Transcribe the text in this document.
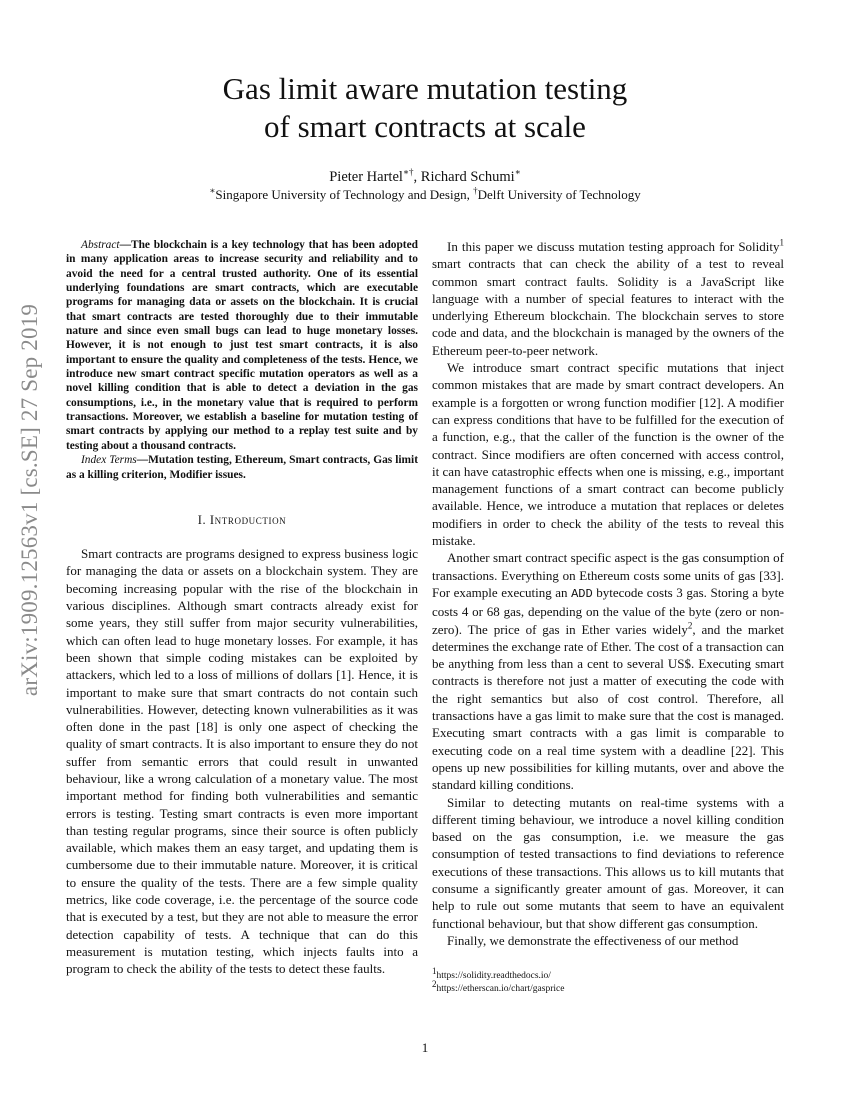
arXiv:1909.12563v1 [cs.SE] 27 Sep 2019
Gas limit aware mutation testing
of smart contracts at scale
Pieter Hartel∗†, Richard Schumi∗
∗Singapore University of Technology and Design, †Delft University of Technology

Abstract—The blockchain is a key technology that has been adopted in many application areas to increase security and reliability and to avoid the need for a central trusted authority. One of its essential underlying foundations are smart contracts, which are executable programs for managing data or assets on the blockchain. It is crucial that smart contracts are tested thoroughly due to their immutable nature and since even small bugs can lead to huge monetary losses. However, it is not enough to just test smart contracts, it is also important to ensure the quality and completeness of the tests. Hence, we introduce new smart contract specific mutation operators as well as a novel killing condition that is able to detect a deviation in the gas consumptions, i.e., in the monetary value that is required to perform transactions. Moreover, we establish a baseline for mutation testing of smart contracts by applying our method to a replay test suite and by testing about a thousand contracts.

Index Terms—Mutation testing, Ethereum, Smart contracts, Gas limit as a killing criterion, Modifier issues.

I. Introduction

Smart contracts are programs designed to express business logic for managing the data or assets on a blockchain system. They are becoming increasing popular with the rise of the blockchain in various disciplines. Although smart contracts already exist for some years, they still suffer from major security vulnerabilities, which can often lead to huge monetary losses. For example, it has been shown that simple coding mistakes can be exploited by attackers, which led to a loss of millions of dollars [1]. Hence, it is important to make sure that smart contracts do not contain such vulnerabilities. However, detecting known vulnerabilities as it was often done in the past [18] is only one aspect of checking the quality of smart contracts. It is also important to ensure they do not suffer from semantic errors that could result in unwanted behaviour, like a wrong calculation of a monetary value. The most important method for finding both vulnerabilities and semantic errors is testing. Testing smart contracts is even more important than testing regular programs, since their source is often publicly available, which makes them an easy target, and updating them is cumbersome due to their immutable nature. Moreover, it is critical to ensure the quality of the tests. There are a few simple quality metrics, like code coverage, i.e. the percentage of the source code that is executed by a test, but they are not able to measure the error detection capability of tests. A technique that can do this measurement is mutation testing, which injects faults into a program to check the ability of the tests to detect these faults.

In this paper we discuss mutation testing approach for Solidity$^1$ smart contracts that can check the ability of a test to reveal common smart contract faults. Solidity is a JavaScript like language with a number of special features to interact with the underlying Ethereum blockchain. The blockchain serves to store code and data, and the blockchain is managed by the owners of the Ethereum peer-to-peer network.

We introduce smart contract specific mutations that inject common mistakes that are made by smart contract developers. An example is a forgotten or wrong function modifier [12]. A modifier can express conditions that have to be fulfilled for the execution of a function, e.g., that the caller of the function is the owner of the contract. Since modifiers are often concerned with access control, it can have catastrophic effects when one is missing, e.g., important management functions of a smart contract can become publicly available. Hence, we introduce a mutation that replaces or deletes modifiers in order to check the ability of the tests to reveal this mistake.

Another smart contract specific aspect is the gas consumption of transactions. Everything on Ethereum costs some units of gas [33]. For example executing an ADD bytecode costs 3 gas. Storing a byte costs 4 or 68 gas, depending on the value of the byte (zero or non-zero). The price of gas in Ether varies widely$^2$, and the market determines the exchange rate of Ether. The cost of a transaction can be anything from less than a cent to several US$. Executing smart contracts is therefore not just a matter of executing the code with the right semantics but also of cost control. Therefore, all transactions have a gas limit to make sure that the cost is managed. Executing smart contracts with a gas limit is comparable to executing code on a real time system with a deadline [22]. This opens up new possibilities for killing mutants, over and above the standard killing conditions.

Similar to detecting mutants on real-time systems with a different timing behaviour, we introduce a novel killing condition based on the gas consumption, i.e. we measure the gas consumption of tested transactions to find deviations to reference executions of these transactions. This allows us to kill mutants that consume a significantly greater amount of gas. Moreover, it can help to rule out some mutants that seem to have an equivalent functional behaviour, but that show different gas consumption.

Finally, we demonstrate the effectiveness of our method

$^1$https://solidity.readthedocs.io/
$^2$https://etherscan.io/chart/gasprice
1
